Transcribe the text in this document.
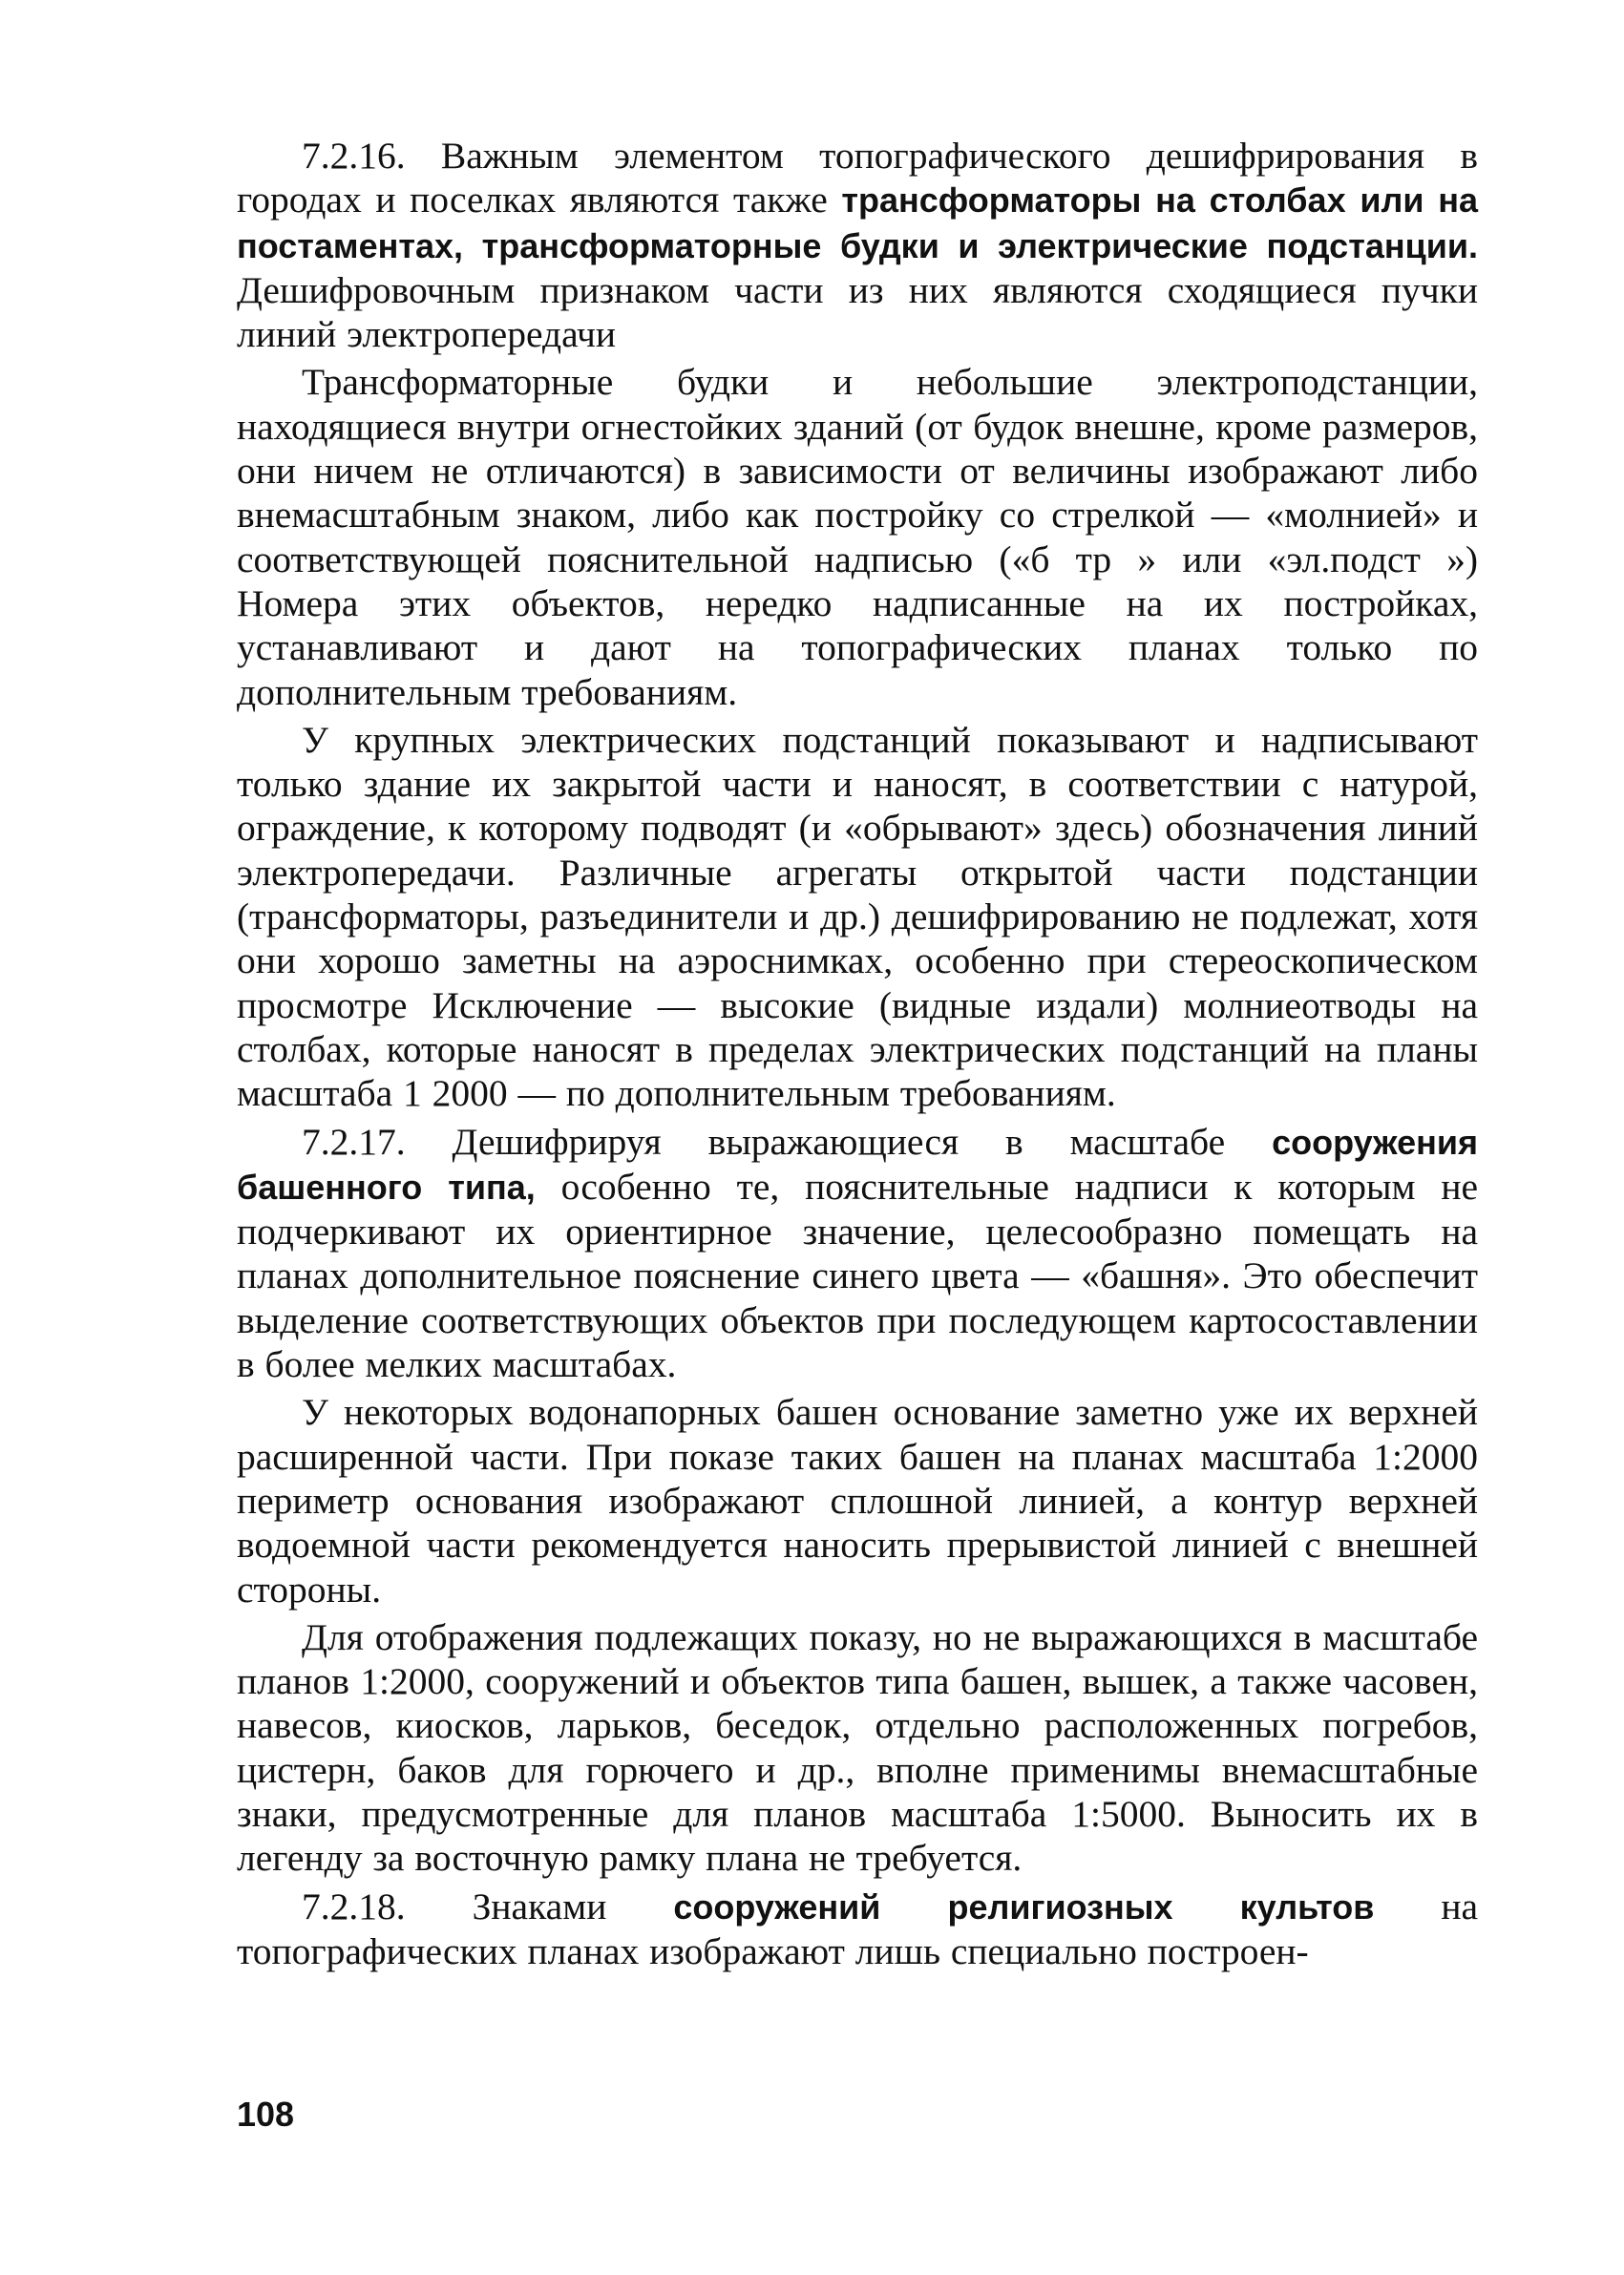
7.2.16. Важным элементом топографического дешифрирования в городах и поселках являются также трансформаторы на столбах или на постаментах, трансформаторные будки и электрические подстанции. Дешифровочным признаком части из них являются сходящиеся пучки линий электропередачи

Трансформаторные будки и небольшие электроподстанции, находящиеся внутри огнестойких зданий (от будок внешне, кроме размеров, они ничем не отличаются) в зависимости от величины изображают либо внемасштабным знаком, либо как постройку со стрелкой — «молнией» и соответствующей пояснительной надписью («б тр » или «эл.подст ») Номера этих объектов, нередко надписанные на их постройках, устанавливают и дают на топографических планах только по дополнительным требованиям.

У крупных электрических подстанций показывают и надписывают только здание их закрытой части и наносят, в соответствии с натурой, ограждение, к которому подводят (и «обрывают» здесь) обозначения линий электропередачи. Различные агрегаты открытой части подстанции (трансформаторы, разъединители и др.) дешифрированию не подлежат, хотя они хорошо заметны на аэроснимках, особенно при стереоскопическом просмотре Исключение — высокие (видные издали) молниеотводы на столбах, которые наносят в пределах электрических подстанций на планы масштаба 1 2000 — по дополнительным требованиям.

7.2.17. Дешифрируя выражающиеся в масштабе сооружения башенного типа, особенно те, пояснительные надписи к которым не подчеркивают их ориентирное значение, целесообразно помещать на планах дополнительное пояснение синего цвета — «башня». Это обеспечит выделение соответствующих объектов при последующем картосоставлении в более мелких масштабах.

У некоторых водонапорных башен основание заметно уже их верхней расширенной части. При показе таких башен на планах масштаба 1:2000 периметр основания изображают сплошной линией, а контур верхней водоемной части рекомендуется наносить прерывистой линией с внешней стороны.

Для отображения подлежащих показу, но не выражающихся в масштабе планов 1:2000, сооружений и объектов типа башен, вышек, а также часовен, навесов, киосков, ларьков, беседок, отдельно расположенных погребов, цистерн, баков для горючего и др., вполне применимы внемасштабные знаки, предусмотренные для планов масштаба 1:5000. Выносить их в легенду за восточную рамку плана не требуется.

7.2.18. Знаками сооружений религиозных культов на топографических планах изображают лишь специально построен-

108
